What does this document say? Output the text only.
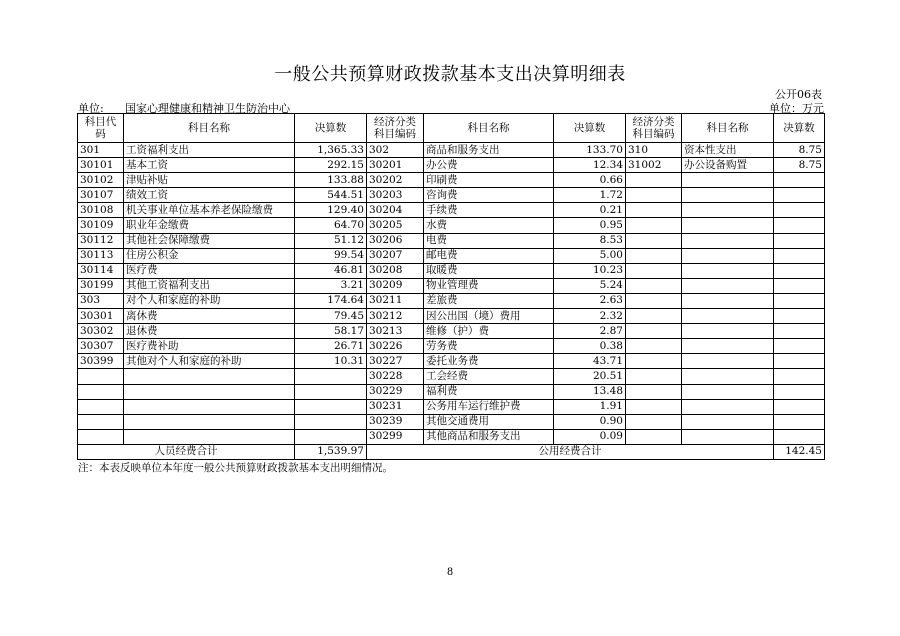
一般公共预算财政拨款基本支出决算明细表
公开06表
单位: 国家心理健康和精神卫生防治中心	单位：万元
科目代码	科目名称	决算数	经济分类科目编码	科目名称	决算数	经济分类科目编码	科目名称	决算数
301	工资福利支出	1,365.33	302	商品和服务支出	133.70	310	资本性支出	8.75
30101	基本工资	292.15	30201	办公费	12.34	31002	办公设备购置	8.75
30102	津贴补贴	133.88	30202	印刷费	0.66			
30107	绩效工资	544.51	30203	咨询费	1.72			
30108	机关事业单位基本养老保险缴费	129.40	30204	手续费	0.21			
30109	职业年金缴费	64.70	30205	水费	0.95			
30112	其他社会保障缴费	51.12	30206	电费	8.53			
30113	住房公积金	99.54	30207	邮电费	5.00			
30114	医疗费	46.81	30208	取暖费	10.23			
30199	其他工资福利支出	3.21	30209	物业管理费	5.24			
303	对个人和家庭的补助	174.64	30211	差旅费	2.63			
30301	离休费	79.45	30212	因公出国（境）费用	2.32			
30302	退休费	58.17	30213	维修（护）费	2.87			
30307	医疗费补助	26.71	30226	劳务费	0.38			
30399	其他对个人和家庭的补助	10.31	30227	委托业务费	43.71			
			30228	工会经费	20.51			
			30229	福利费	13.48			
			30231	公务用车运行维护费	1.91			
			30239	其他交通费用	0.90			
			30299	其他商品和服务支出	0.09			
人员经费合计		1,539.97	公用经费合计					142.45
注：本表反映单位本年度一般公共预算财政拨款基本支出明细情况。
8
